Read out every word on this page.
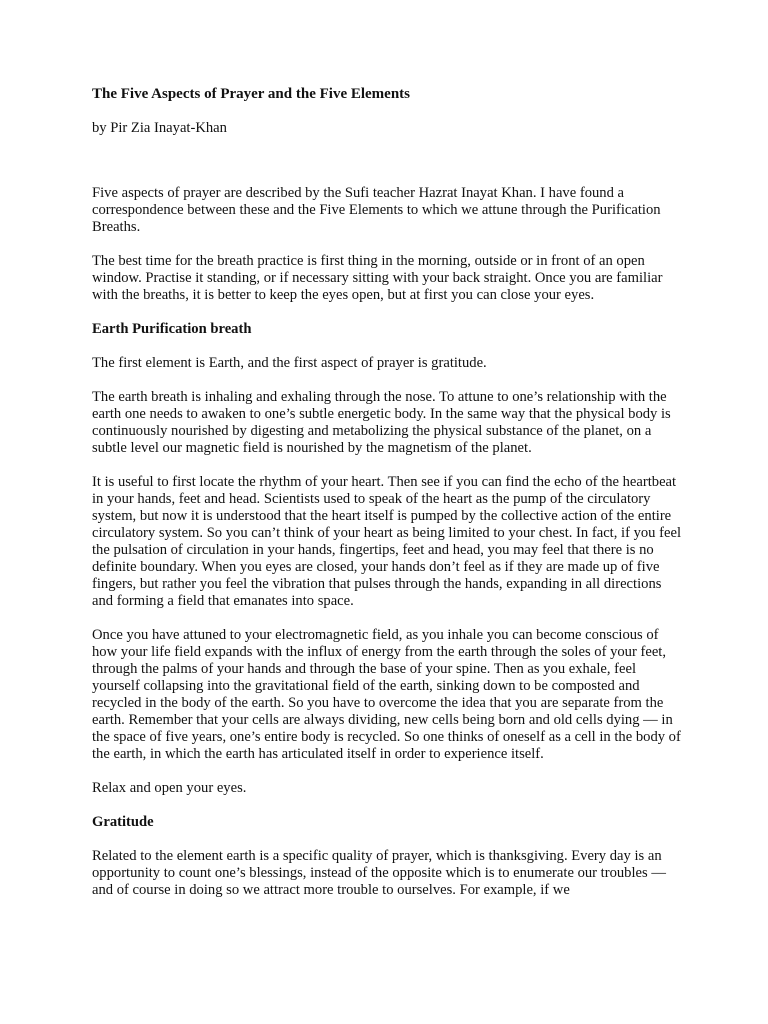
The Five Aspects of Prayer and the Five Elements
by Pir Zia Inayat-Khan
Five aspects of prayer are described by the Sufi teacher Hazrat Inayat Khan. I have found a correspondence between these and the Five Elements to which we attune through the Purification Breaths.
The best time for the breath practice is first thing in the morning, outside or in front of an open window. Practise it standing, or if necessary sitting with your back straight. Once you are familiar with the breaths, it is better to keep the eyes open, but at first you can close your eyes.
Earth Purification breath
The first element is Earth, and the first aspect of prayer is gratitude.
The earth breath is inhaling and exhaling through the nose. To attune to one’s relationship with the earth one needs to awaken to one’s subtle energetic body. In the same way that the physical body is continuously nourished by digesting and metabolizing the physical substance of the planet, on a subtle level our magnetic field is nourished by the magnetism of the planet.
It is useful to first locate the rhythm of your heart. Then see if you can find the echo of the heartbeat in your hands, feet and head. Scientists used to speak of the heart as the pump of the circulatory system, but now it is understood that the heart itself is pumped by the collective action of the entire circulatory system. So you can’t think of your heart as being limited to your chest. In fact, if you feel the pulsation of circulation in your hands, fingertips, feet and head, you may feel that there is no definite boundary. When you eyes are closed, your hands don’t feel as if they are made up of five fingers, but rather you feel the vibration that pulses through the hands, expanding in all directions and forming a field that emanates into space.
Once you have attuned to your electromagnetic field, as you inhale you can become conscious of how your life field expands with the influx of energy from the earth through the soles of your feet, through the palms of your hands and through the base of your spine. Then as you exhale, feel yourself collapsing into the gravitational field of the earth, sinking down to be composted and recycled in the body of the earth. So you have to overcome the idea that you are separate from the earth. Remember that your cells are always dividing, new cells being born and old cells dying — in the space of five years, one’s entire body is recycled. So one thinks of oneself as a cell in the body of the earth, in which the earth has articulated itself in order to experience itself.
Relax and open your eyes.
Gratitude
Related to the element earth is a specific quality of prayer, which is thanksgiving. Every day is an opportunity to count one’s blessings, instead of the opposite which is to enumerate our troubles — and of course in doing so we attract more trouble to ourselves. For example, if we
